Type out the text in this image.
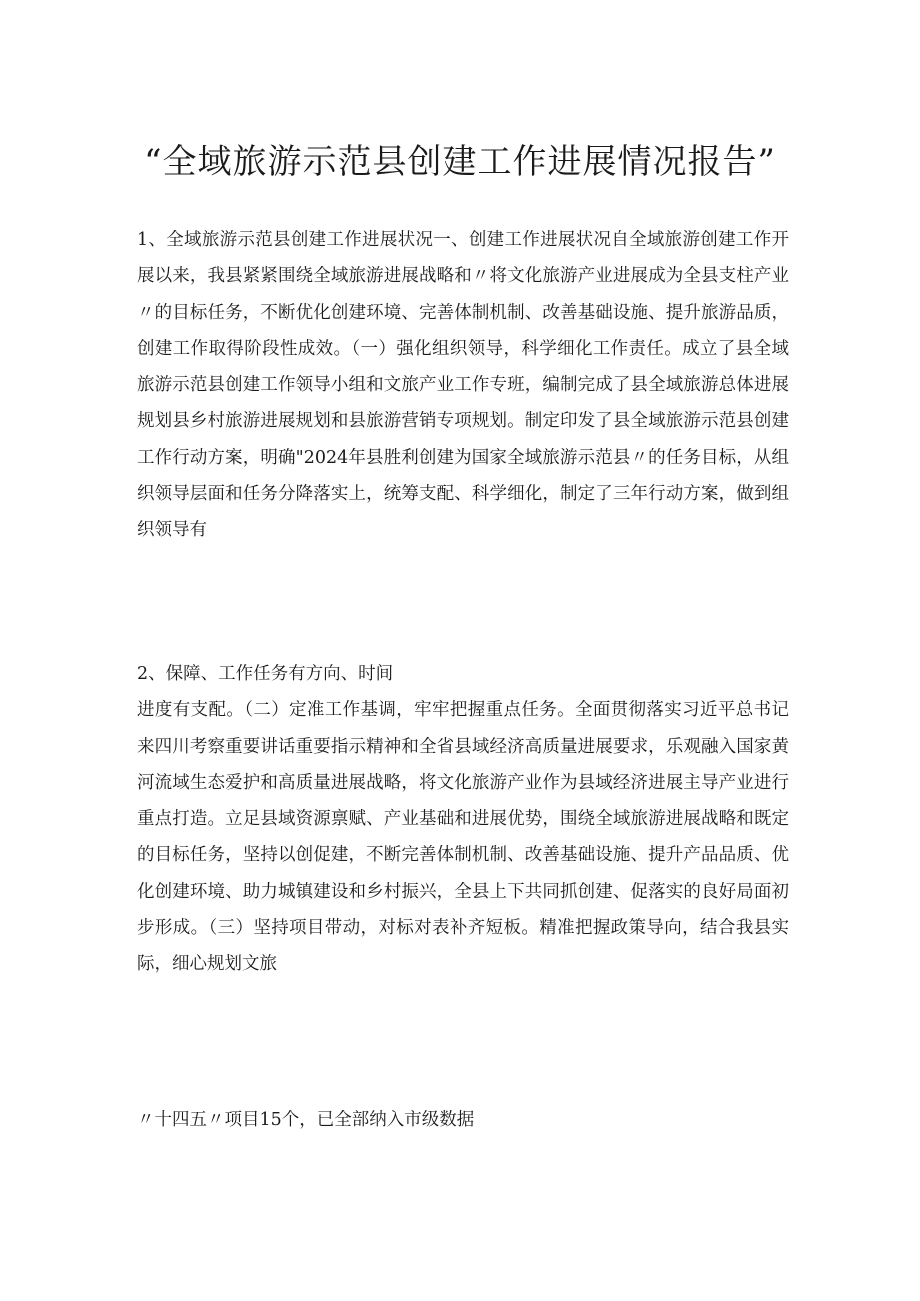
“全域旅游示范县创建工作进展情况报告”

1、全域旅游示范县创建工作进展状况一、创建工作进展状况自全域旅游创建工作开展以来，我县紧紧围绕全域旅游进展战略和〃将文化旅游产业进展成为全县支柱产业〃的目标任务，不断优化创建环境、完善体制机制、改善基础设施、提升旅游品质，创建工作取得阶段性成效。（一）强化组织领导，科学细化工作责任。成立了县全域旅游示范县创建工作领导小组和文旅产业工作专班，编制完成了县全域旅游总体进展规划县乡村旅游进展规划和县旅游营销专项规划。制定印发了县全域旅游示范县创建工作行动方案，明确"2024年县胜利创建为国家全域旅游示范县〃的任务目标，从组织领导层面和任务分降落实上，统筹支配、科学细化，制定了三年行动方案，做到组织领导有

2、保障、工作任务有方向、时间
进度有支配。（二）定准工作基调，牢牢把握重点任务。全面贯彻落实习近平总书记来四川考察重要讲话重要指示精神和全省县域经济高质量进展要求，乐观融入国家黄河流域生态爱护和高质量进展战略，将文化旅游产业作为县域经济进展主导产业进行重点打造。立足县域资源禀赋、产业基础和进展优势，围绕全域旅游进展战略和既定的目标任务，坚持以创促建，不断完善体制机制、改善基础设施、提升产品品质、优化创建环境、助力城镇建设和乡村振兴，全县上下共同抓创建、促落实的良好局面初步形成。（三）坚持项目带动，对标对表补齐短板。精准把握政策导向，结合我县实际，细心规划文旅

〃十四五〃项目15个，已全部纳入市级数据
